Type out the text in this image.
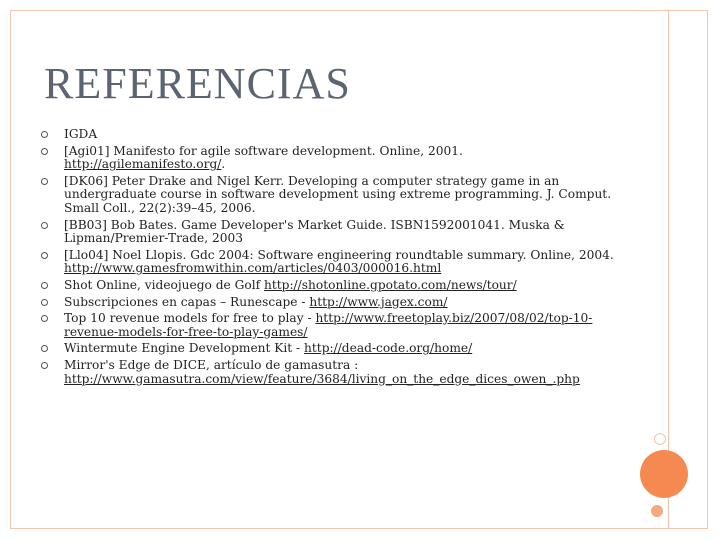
REFERENCIAS
IGDA
[Agi01] Manifesto for agile software development. Online, 2001. http://agilemanifesto.org/.
[DK06] Peter Drake and Nigel Kerr. Developing a computer strategy game in an undergraduate course in software development using extreme programming. J. Comput. Small Coll., 22(2):39–45, 2006.
[BB03] Bob Bates. Game Developer's Market Guide. ISBN1592001041. Muska & Lipman/Premier-Trade, 2003
[Llo04] Noel Llopis. Gdc 2004: Software engineering roundtable summary. Online, 2004. http://www.gamesfromwithin.com/articles/0403/000016.html
Shot Online, videojuego de Golf http://shotonline.gpotato.com/news/tour/
Subscripciones en capas – Runescape - http://www.jagex.com/
Top 10 revenue models for free to play - http://www.freetoplay.biz/2007/08/02/top-10-revenue-models-for-free-to-play-games/
Wintermute Engine Development Kit - http://dead-code.org/home/
Mirror's Edge de DICE, artículo de gamasutra : http://www.gamasutra.com/view/feature/3684/living_on_the_edge_dices_owen_.php
